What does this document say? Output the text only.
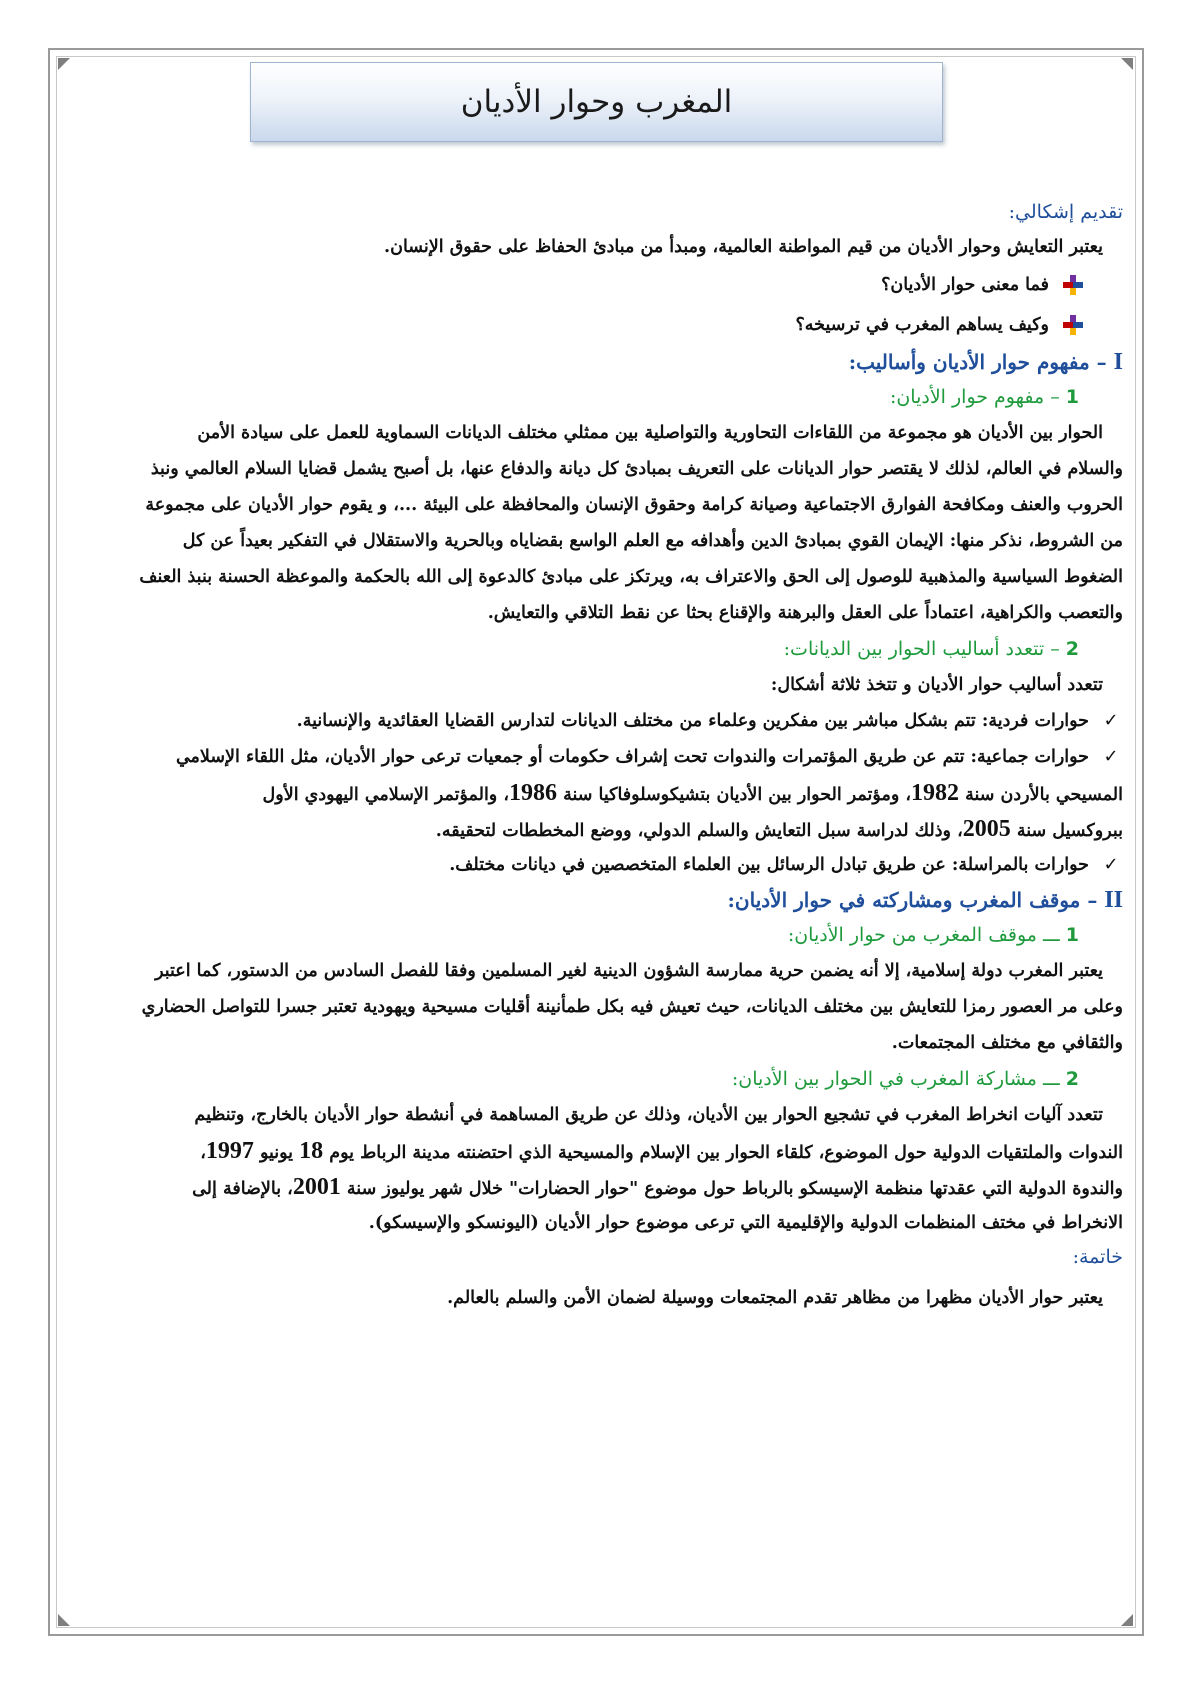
المغرب وحوار الأديان
تقديم إشكالي:
يعتبر التعايش وحوار الأديان من قيم المواطنة العالمية، ومبدأ من مبادئ الحفاظ على حقوق الإنسان.
فما معنى حوار الأديان؟
وكيف يساهم المغرب في ترسيخه؟
I – مفهوم حوار الأديان وأساليب:
1 – مفهوم حوار الأديان:
الحوار بين الأديان هو مجموعة من اللقاءات التحاورية والتواصلية بين ممثلي مختلف الديانات السماوية للعمل على سيادة الأمن
والسلام في العالم، لذلك لا يقتصر حوار الديانات على التعريف بمبادئ كل ديانة والدفاع عنها، بل أصبح يشمل قضايا السلام العالمي ونبذ
الحروب والعنف ومكافحة الفوارق الاجتماعية وصيانة كرامة وحقوق الإنسان والمحافظة على البيئة ...، و يقوم حوار الأديان على مجموعة
من الشروط، نذكر منها: الإيمان القوي بمبادئ الدين وأهدافه مع العلم الواسع بقضاياه وبالحرية والاستقلال في التفكير بعيداً عن كل
الضغوط السياسية والمذهبية للوصول إلى الحق والاعتراف به، ويرتكز على مبادئ كالدعوة إلى الله بالحكمة والموعظة الحسنة بنبذ العنف
والتعصب والكراهية، اعتماداً على العقل والبرهنة والإقناع بحثا عن نقط التلاقي والتعايش.
2 – تتعدد أساليب الحوار بين الديانات:
تتعدد أساليب حوار الأديان و تتخذ ثلاثة أشكال:
✓
حوارات فردية: تتم بشكل مباشر بين مفكرين وعلماء من مختلف الديانات لتدارس القضايا العقائدية والإنسانية.
✓
حوارات جماعية: تتم عن طريق المؤتمرات والندوات تحت إشراف حكومات أو جمعيات ترعى حوار الأديان، مثل اللقاء الإسلامي
المسيحي بالأردن سنة 1982، ومؤتمر الحوار بين الأديان بتشيكوسلوفاكيا سنة 1986، والمؤتمر الإسلامي اليهودي الأول
ببروكسيل سنة 2005، وذلك لدراسة سبل التعايش والسلم الدولي، ووضع المخططات لتحقيقه.
✓
حوارات بالمراسلة: عن طريق تبادل الرسائل بين العلماء المتخصصين في ديانات مختلف.
II – موقف المغرب ومشاركته في حوار الأديان:
1 ـــ موقف المغرب من حوار الأديان:
يعتبر المغرب دولة إسلامية، إلا أنه يضمن حرية ممارسة الشؤون الدينية لغير المسلمين وفقا للفصل السادس من الدستور، كما اعتبر
وعلى مر العصور رمزا للتعايش بين مختلف الديانات، حيث تعيش فيه بكل طمأنينة أقليات مسيحية ويهودية تعتبر جسرا للتواصل الحضاري
والثقافي مع مختلف المجتمعات.
2 ـــ مشاركة المغرب في الحوار بين الأديان:
تتعدد آليات انخراط المغرب في تشجيع الحوار بين الأديان، وذلك عن طريق المساهمة في أنشطة حوار الأديان بالخارج، وتنظيم
الندوات والملتقيات الدولية حول الموضوع، كلقاء الحوار بين الإسلام والمسيحية الذي احتضنته مدينة الرباط يوم 18 يونيو 1997،
والندوة الدولية التي عقدتها منظمة الإسيسكو بالرباط حول موضوع "حوار الحضارات" خلال شهر يوليوز سنة 2001، بالإضافة إلى
الانخراط في مختف المنظمات الدولية والإقليمية التي ترعى موضوع حوار الأديان (اليونسكو والإسيسكو).
خاتمة:
يعتبر حوار الأديان مظهرا من مظاهر تقدم المجتمعات ووسيلة لضمان الأمن والسلم بالعالم.
